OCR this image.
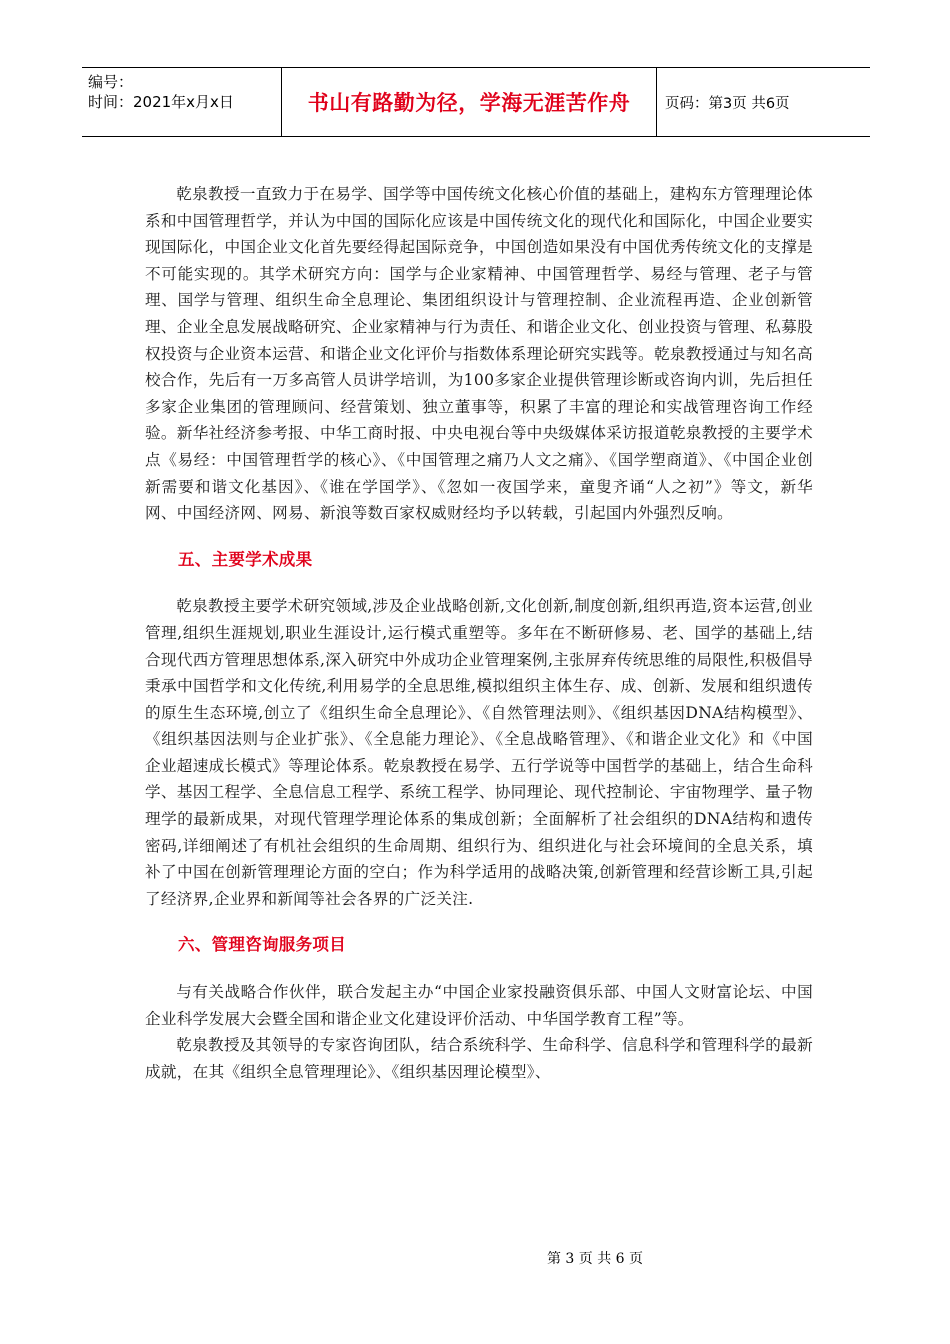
编号：
时间：2021年x月x日	书山有路勤为径，学海无涯苦作舟	页码：第3页 共6页

乾泉教授一直致力于在易学、国学等中国传统文化核心价值的基础上，建构东方管理理论体系和中国管理哲学，并认为中国的国际化应该是中国传统文化的现代化和国际化，中国企业要实现国际化，中国企业文化首先要经得起国际竞争，中国创造如果没有中国优秀传统文化的支撑是不可能实现的。其学术研究方向：国学与企业家精神、中国管理哲学、易经与管理、老子与管理、国学与管理、组织生命全息理论、集团组织设计与管理控制、企业流程再造、企业创新管理、企业全息发展战略研究、企业家精神与行为责任、和谐企业文化、创业投资与管理、私募股权投资与企业资本运营、和谐企业文化评价与指数体系理论研究实践等。乾泉教授通过与知名高校合作，先后有一万多高管人员讲学培训，为100多家企业提供管理诊断或咨询内训，先后担任多家企业集团的管理顾问、经营策划、独立董事等，积累了丰富的理论和实战管理咨询工作经验。新华社经济参考报、中华工商时报、中央电视台等中央级媒体采访报道乾泉教授的主要学术点《易经：中国管理哲学的核心》、《中国管理之痛乃人文之痛》、《国学塑商道》、《中国企业创新需要和谐文化基因》、《谁在学国学》、《忽如一夜国学来，童叟齐诵“人之初”》等文，新华网、中国经济网、网易、新浪等数百家权威财经均予以转载，引起国内外强烈反响。

五、主要学术成果

乾泉教授主要学术研究领域,涉及企业战略创新,文化创新,制度创新,组织再造,资本运营,创业管理,组织生涯规划,职业生涯设计,运行模式重塑等。多年在不断研修易、老、国学的基础上,结合现代西方管理思想体系,深入研究中外成功企业管理案例,主张屏弃传统思维的局限性,积极倡导秉承中国哲学和文化传统,利用易学的全息思维,模拟组织主体生存、成、创新、发展和组织遗传的原生生态环境,创立了《组织生命全息理论》、《自然管理法则》、《组织基因DNA结构模型》、《组织基因法则与企业扩张》、《全息能力理论》、《全息战略管理》、《和谐企业文化》和《中国企业超速成长模式》等理论体系。乾泉教授在易学、五行学说等中国哲学的基础上，结合生命科学、基因工程学、全息信息工程学、系统工程学、协同理论、现代控制论、宇宙物理学、量子物理学的最新成果，对现代管理学理论体系的集成创新；全面解析了社会组织的DNA结构和遗传密码,详细阐述了有机社会组织的生命周期、组织行为、组织进化与社会环境间的全息关系，填补了中国在创新管理理论方面的空白；作为科学适用的战略决策,创新管理和经营诊断工具,引起了经济界,企业界和新闻等社会各界的广泛关注.

六、管理咨询服务项目

与有关战略合作伙伴，联合发起主办“中国企业家投融资俱乐部、中国人文财富论坛、中国企业科学发展大会暨全国和谐企业文化建设评价活动、中华国学教育工程”等。

乾泉教授及其领导的专家咨询团队，结合系统科学、生命科学、信息科学和管理科学的最新成就，在其《组织全息管理理论》、《组织基因理论模型》、

第 3 页 共 6 页
